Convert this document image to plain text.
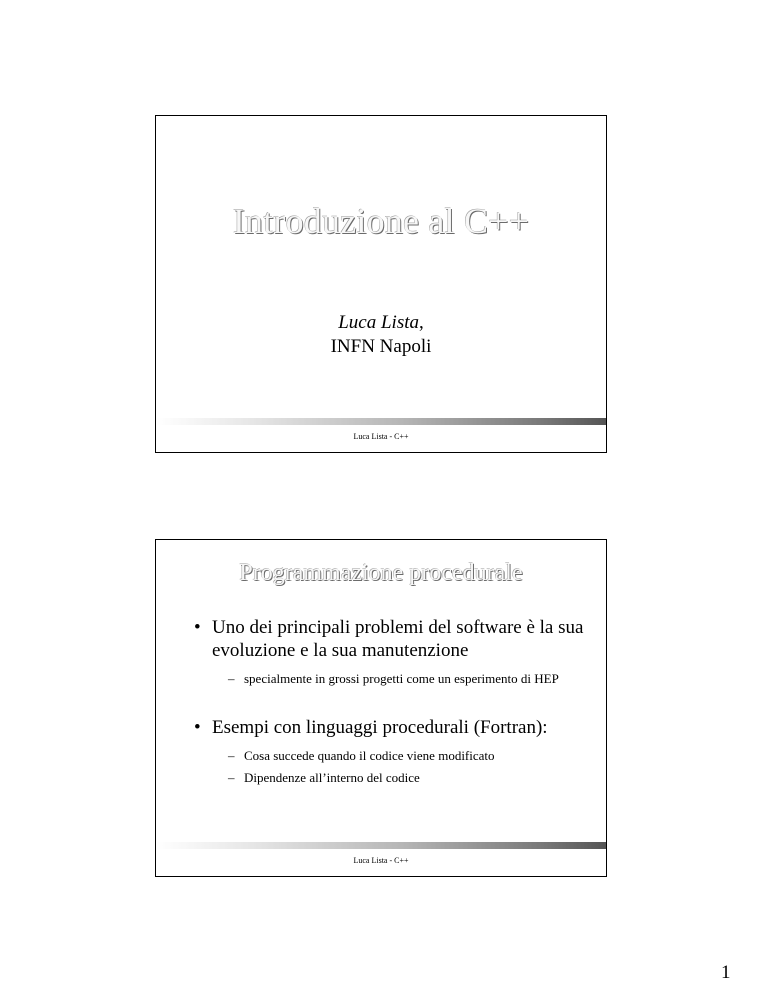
Introduzione al C++
Luca Lista,
INFN Napoli
Luca Lista - C++
Programmazione procedurale
• Uno dei principali problemi del software è la sua evoluzione e la sua manutenzione
– specialmente in grossi progetti come un esperimento di HEP
• Esempi con linguaggi procedurali (Fortran):
– Cosa succede quando il codice viene modificato
– Dipendenze all’interno del codice
Luca Lista - C++
1
